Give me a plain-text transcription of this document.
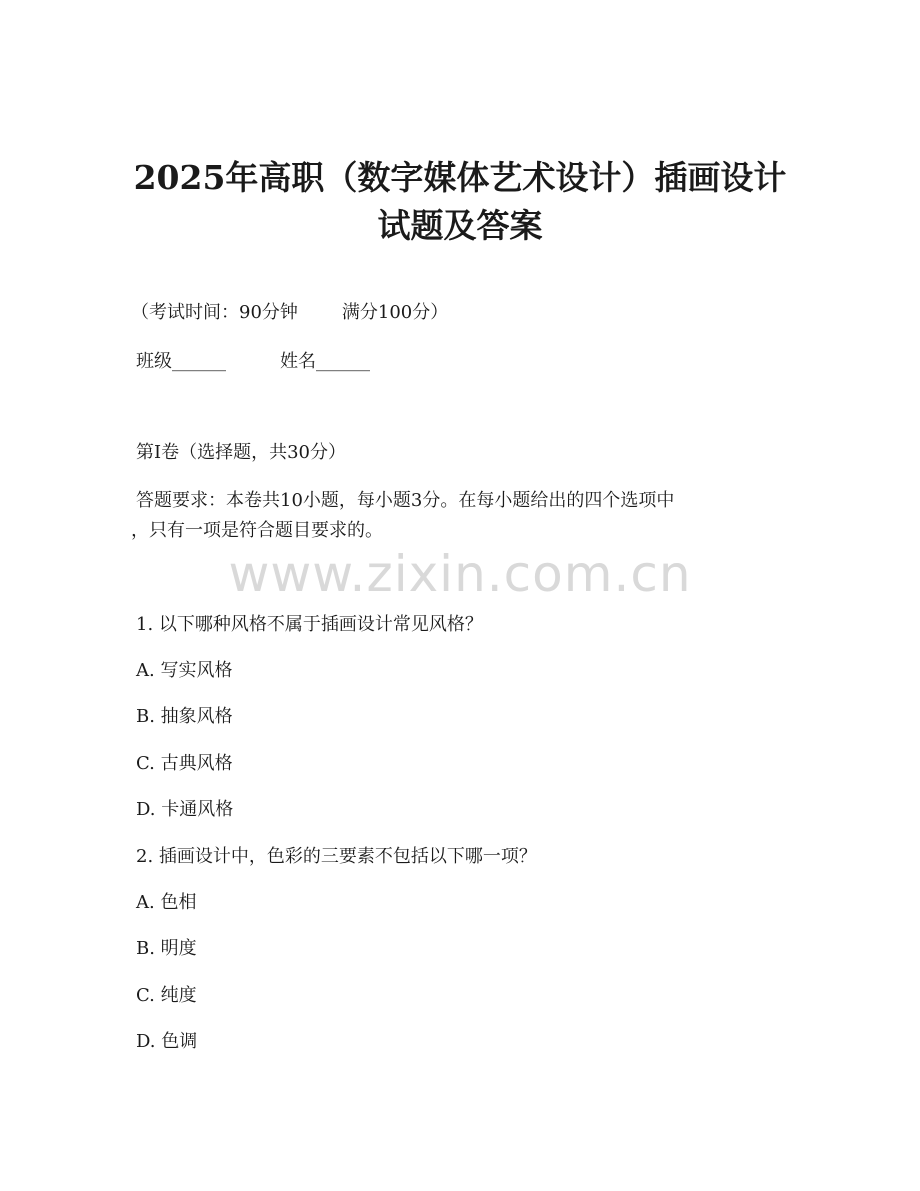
2025年高职（数字媒体艺术设计）插画设计
试题及答案
（考试时间：90分钟 满分100分）
班级______	姓名______
第I卷（选择题，共30分）
答题要求：本卷共10小题，每小题3分。在每小题给出的四个选项中
，只有一项是符合题目要求的。
www.zixin.com.cn
1. 以下哪种风格不属于插画设计常见风格？
A. 写实风格
B. 抽象风格
C. 古典风格
D. 卡通风格
2. 插画设计中，色彩的三要素不包括以下哪一项？
A. 色相
B. 明度
C. 纯度
D. 色调
